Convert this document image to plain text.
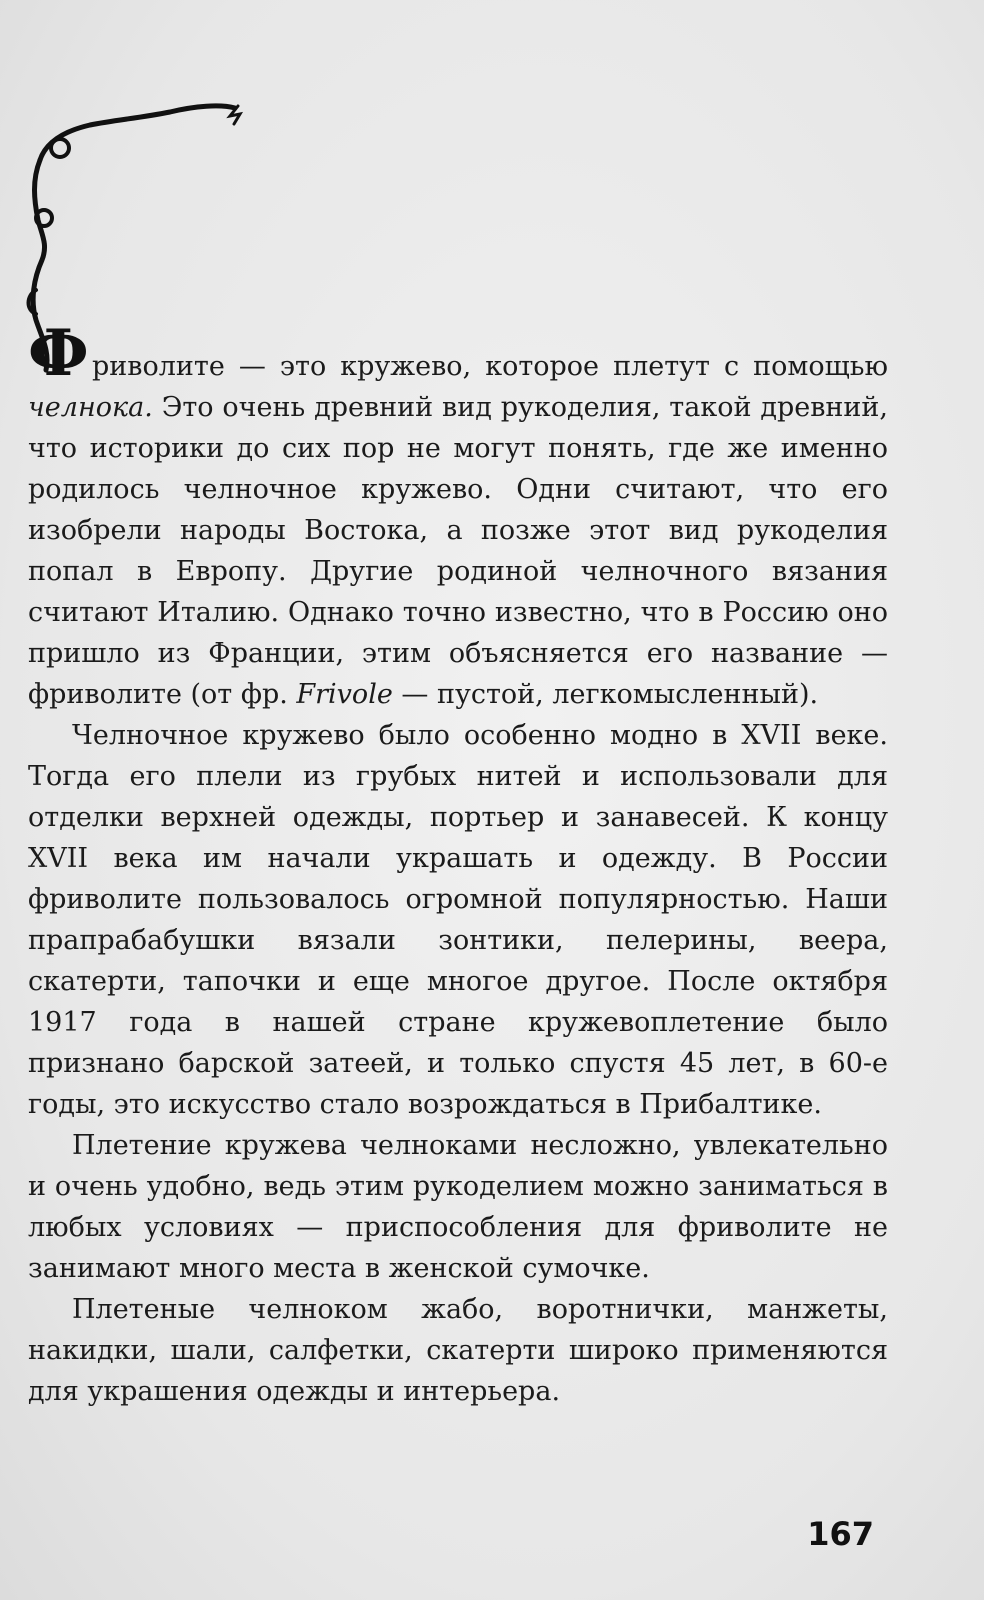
Ф риволите — это кружево, которое плетут с помощью челнока. Это очень древний вид рукоделия, такой древний, что историки до сих пор не могут понять, где же именно родилось челночное кружево. Одни считают, что его изобрели народы Востока, а позже этот вид рукоделия попал в Европу. Другие родиной челночного вязания считают Италию. Однако точно известно, что в Россию оно пришло из Франции, этим объясняется его название — фриволите (от фр. Frivole — пустой, легкомысленный).

Челночное кружево было особенно модно в XVII веке. Тогда его плели из грубых нитей и использовали для отделки верхней одежды, портьер и занавесей. К концу XVII века им начали украшать и одежду. В России фриволите пользовалось огромной популярностью. Наши прапрабабушки вязали зонтики, пелерины, веера, скатерти, тапочки и еще многое другое. После октября 1917 года в нашей стране кружевоплетение было признано барской затеей, и только спустя 45 лет, в 60-е годы, это искусство стало возрождаться в Прибалтике.

Плетение кружева челноками несложно, увлекательно и очень удобно, ведь этим рукоделием можно заниматься в любых условиях — приспособления для фриволите не занимают много места в женской сумочке.

Плетеные челноком жабо, воротнички, манжеты, накидки, шали, салфетки, скатерти широко применяются для украшения одежды и интерьера.

167
